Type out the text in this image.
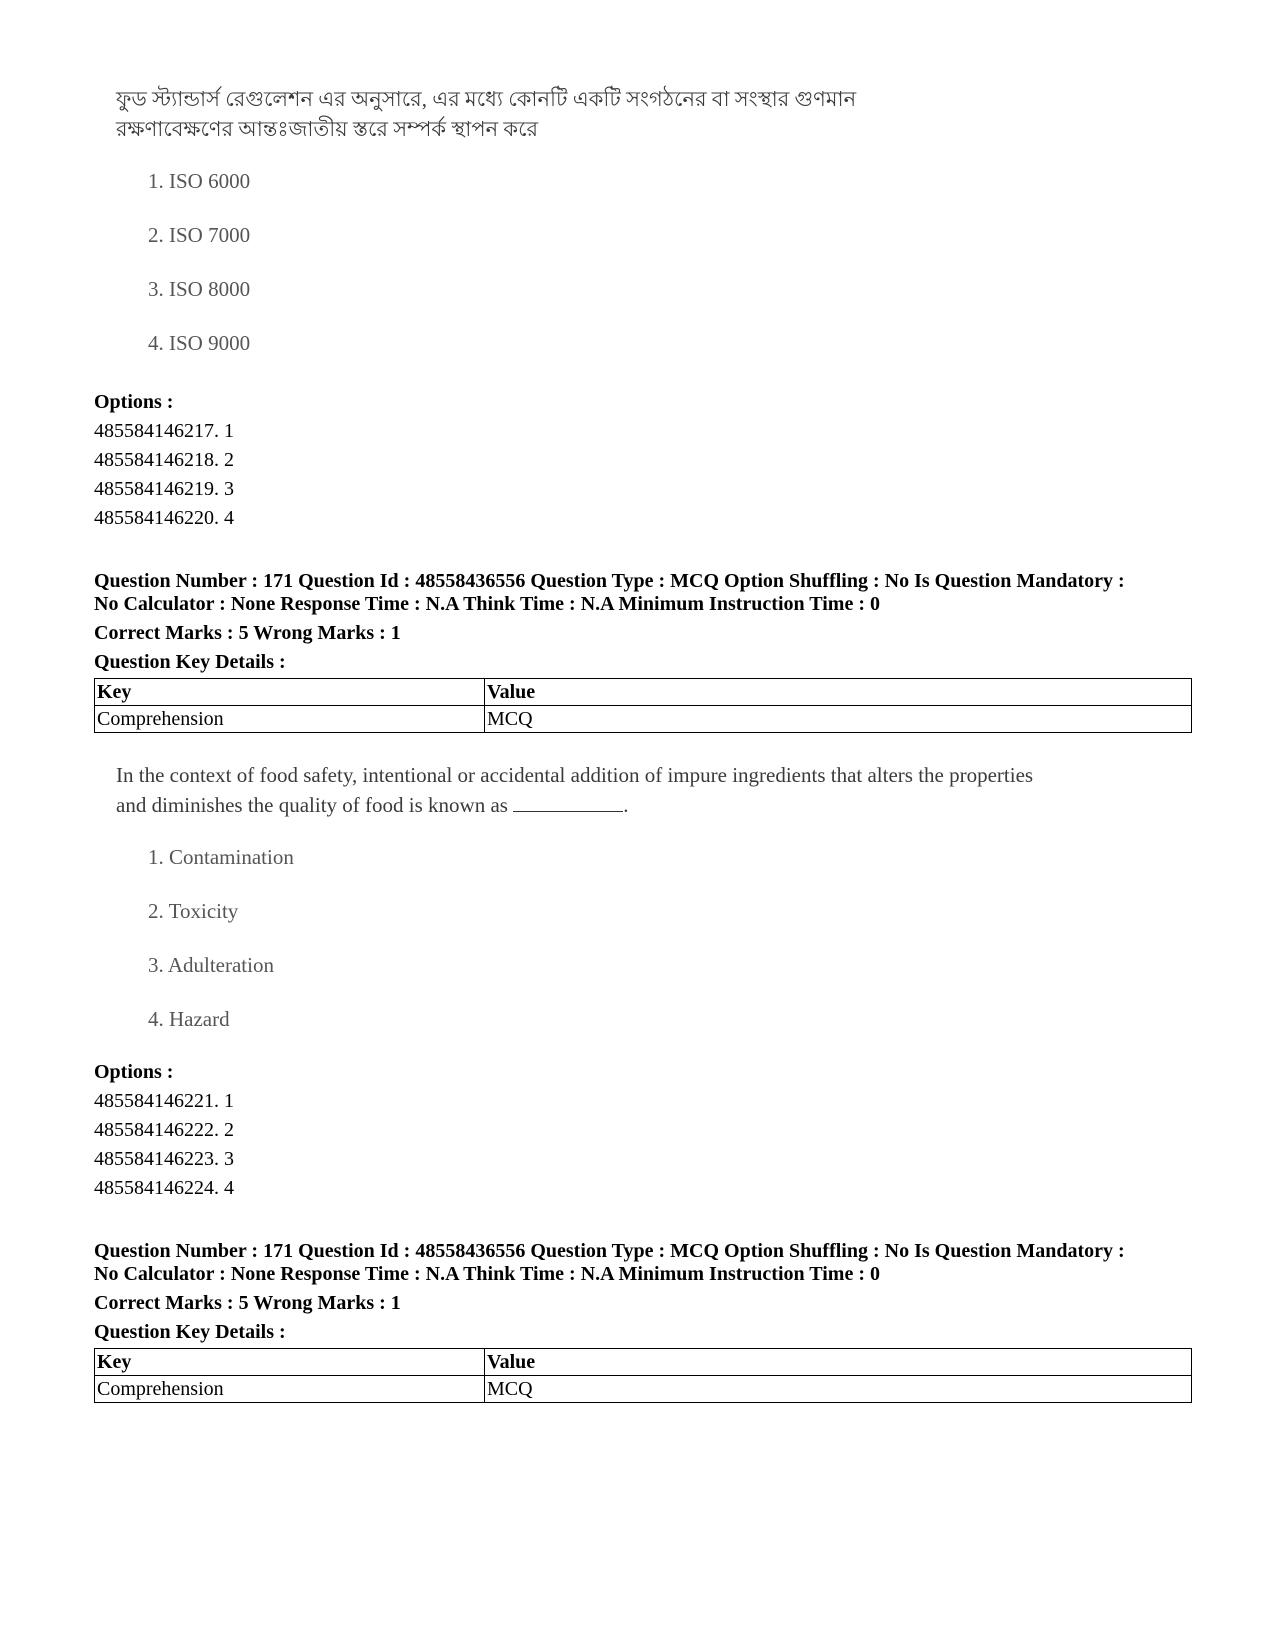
ফুড স্ট্যান্ডার্স রেগুলেশন এর অনুসারে, এর মধ্যে কোনটি একটি সংগঠনের বা সংস্থার গুণমান

রক্ষণাবেক্ষণের আন্তঃজাতীয় স্তরে সম্পর্ক স্থাপন করে

1. ISO 6000
2. ISO 7000
3. ISO 8000
4. ISO 9000
Options :
485584146217. 1
485584146218. 2
485584146219. 3
485584146220. 4
Question Number : 171 Question Id : 48558436556 Question Type : MCQ Option Shuffling : No Is Question Mandatory :
No Calculator : None Response Time : N.A Think Time : N.A Minimum Instruction Time : 0
Correct Marks : 5 Wrong Marks : 1
Question Key Details :
Key	Value
Comprehension	MCQ

In the context of food safety, intentional or accidental addition of impure ingredients that alters the properties

and diminishes the quality of food is known as	.

1. Contamination
2. Toxicity
3. Adulteration
4. Hazard
Options :
485584146221. 1
485584146222. 2
485584146223. 3
485584146224. 4
Question Number : 171 Question Id : 48558436556 Question Type : MCQ Option Shuffling : No Is Question Mandatory :
No Calculator : None Response Time : N.A Think Time : N.A Minimum Instruction Time : 0
Correct Marks : 5 Wrong Marks : 1
Question Key Details :
Key	Value
Comprehension	MCQ
